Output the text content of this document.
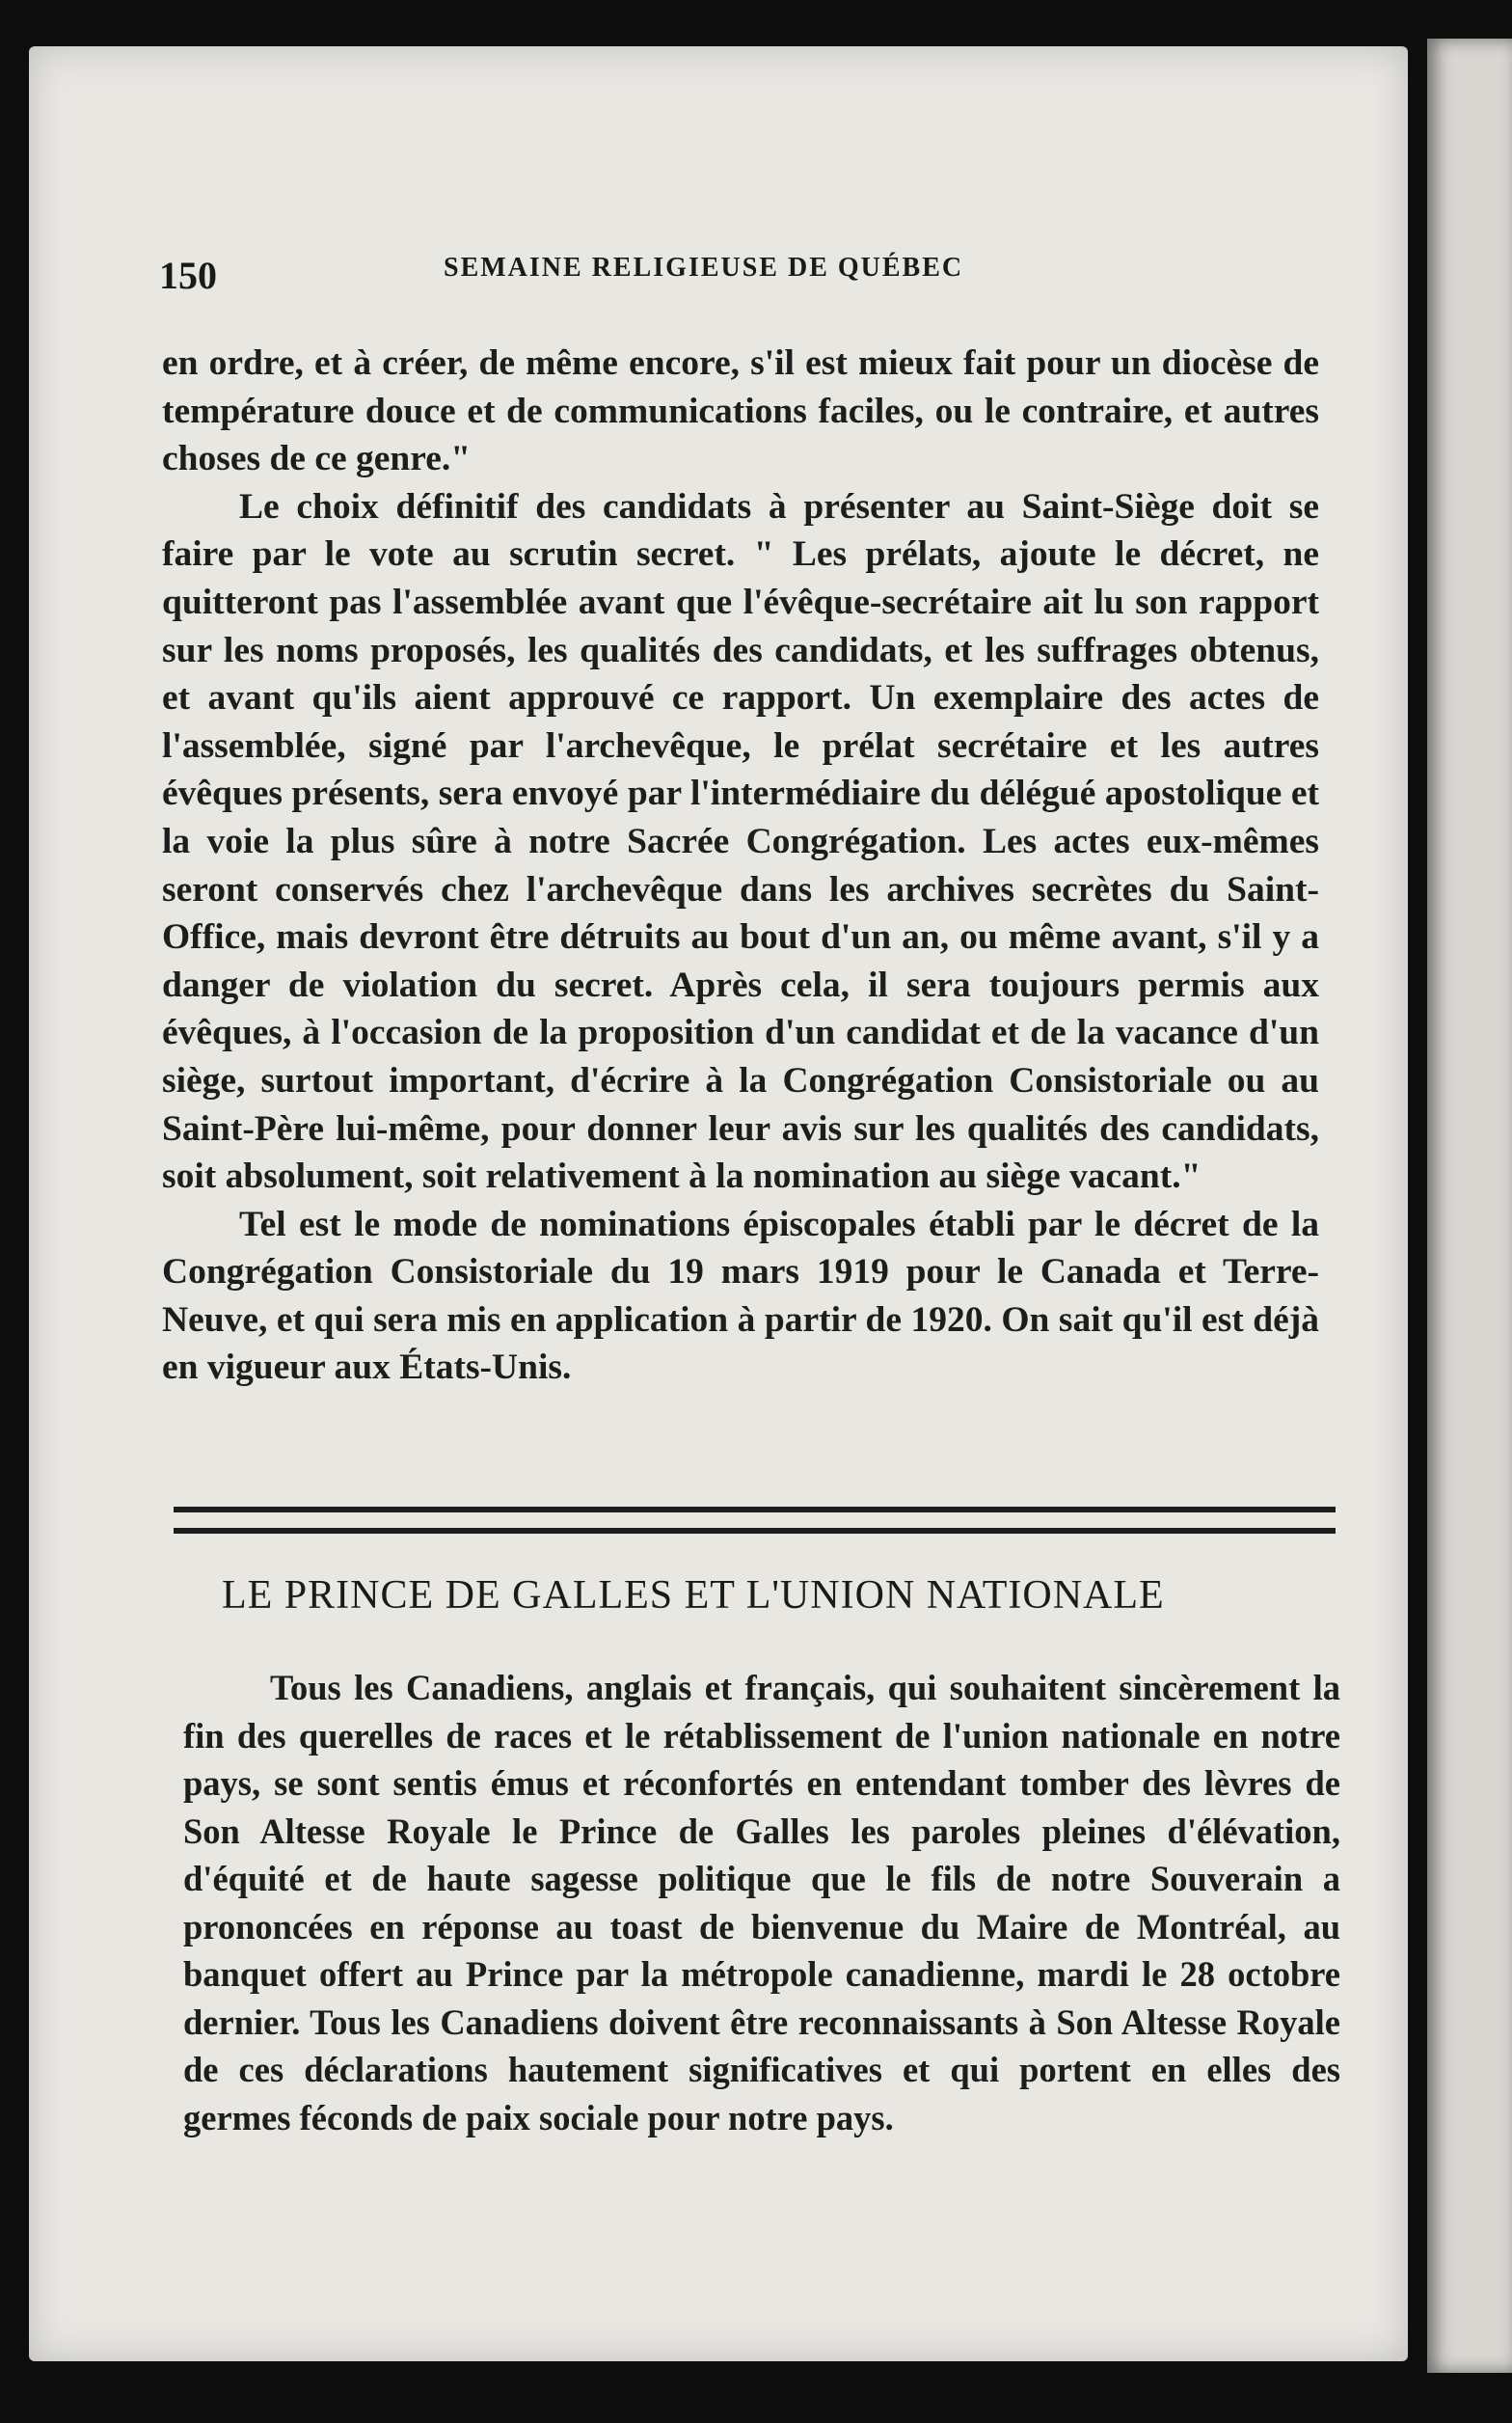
150	SEMAINE RELIGIEUSE DE QUÉBEC

en ordre, et à créer, de même encore, s'il est mieux fait pour un diocèse de température douce et de communications faciles, ou le contraire, et autres choses de ce genre."

Le choix définitif des candidats à présenter au Saint-Siège doit se faire par le vote au scrutin secret. " Les prélats, ajoute le décret, ne quitteront pas l'assemblée avant que l'évêque-secrétaire ait lu son rapport sur les noms proposés, les qualités des candidats, et les suffrages obtenus, et avant qu'ils aient approuvé ce rapport. Un exemplaire des actes de l'assemblée, signé par l'archevêque, le prélat secrétaire et les autres évêques présents, sera envoyé par l'intermédiaire du délégué apostolique et la voie la plus sûre à notre Sacrée Congrégation. Les actes eux-mêmes seront conservés chez l'archevêque dans les archives secrètes du Saint-Office, mais devront être détruits au bout d'un an, ou même avant, s'il y a danger de violation du secret. Après cela, il sera toujours permis aux évêques, à l'occasion de la proposition d'un candidat et de la vacance d'un siège, surtout important, d'écrire à la Congrégation Consistoriale ou au Saint-Père lui-même, pour donner leur avis sur les qualités des candidats, soit absolument, soit relativement à la nomination au siège vacant."

Tel est le mode de nominations épiscopales établi par le décret de la Congrégation Consistoriale du 19 mars 1919 pour le Canada et Terre-Neuve, et qui sera mis en application à partir de 1920. On sait qu'il est déjà en vigueur aux États-Unis.

LE PRINCE DE GALLES ET L'UNION NATIONALE

Tous les Canadiens, anglais et français, qui souhaitent sincèrement la fin des querelles de races et le rétablissement de l'union nationale en notre pays, se sont sentis émus et réconfortés en entendant tomber des lèvres de Son Altesse Royale le Prince de Galles les paroles pleines d'élévation, d'équité et de haute sagesse politique que le fils de notre Souverain a prononcées en réponse au toast de bienvenue du Maire de Montréal, au banquet offert au Prince par la métropole canadienne, mardi le 28 octobre dernier. Tous les Canadiens doivent être reconnaissants à Son Altesse Royale de ces déclarations hautement significatives et qui portent en elles des germes féconds de paix sociale pour notre pays.
